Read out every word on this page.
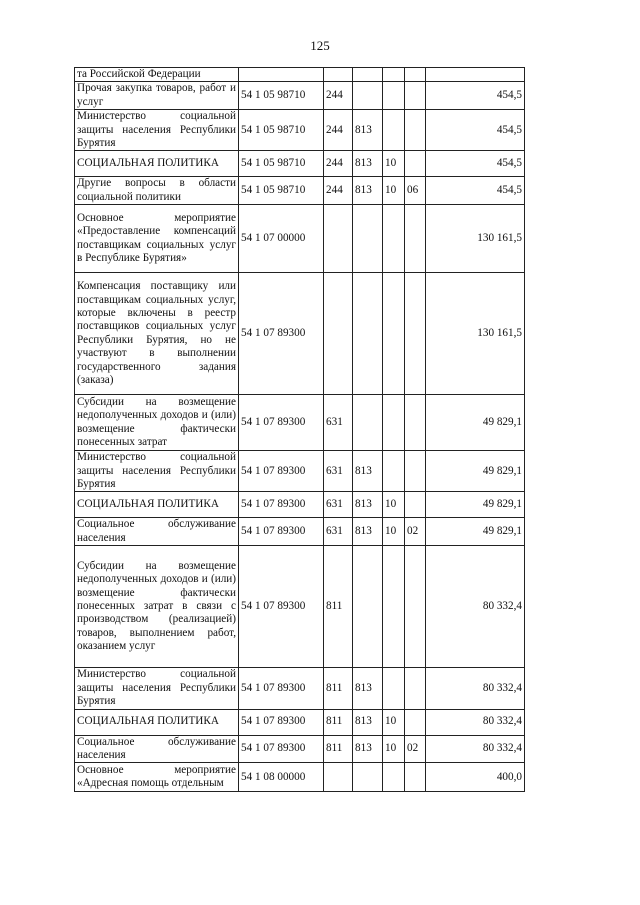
125
та Российской Федерации						
Прочая закупка товаров, работ и услуг	54 1 05 98710	244				454,5
Министерство социальной защиты населения Республики Бурятия	54 1 05 98710	244	813			454,5
СОЦИАЛЬНАЯ ПОЛИТИКА	54 1 05 98710	244	813	10		454,5
Другие вопросы в области социальной политики	54 1 05 98710	244	813	10	06	454,5
Основное мероприятие «Предоставление компенсаций поставщикам социальных услуг в Республике Бурятия»	54 1 07 00000					130 161,5
Компенсация поставщику или поставщикам социальных услуг, которые включены в реестр поставщиков социальных услуг Республики Бурятия, но не участвуют в выполнении государственного задания (заказа)	54 1 07 89300					130 161,5
Субсидии на возмещение недополученных доходов и (или) возмещение фактически понесенных затрат	54 1 07 89300	631				49 829,1
Министерство социальной защиты населения Республики Бурятия	54 1 07 89300	631	813			49 829,1
СОЦИАЛЬНАЯ ПОЛИТИКА	54 1 07 89300	631	813	10		49 829,1
Социальное обслуживание населения	54 1 07 89300	631	813	10	02	49 829,1
Субсидии на возмещение недополученных доходов и (или) возмещение фактически понесенных затрат в связи с производством (реализацией) товаров, выполнением работ, оказанием услуг	54 1 07 89300	811				80 332,4
Министерство социальной защиты населения Республики Бурятия	54 1 07 89300	811	813			80 332,4
СОЦИАЛЬНАЯ ПОЛИТИКА	54 1 07 89300	811	813	10		80 332,4
Социальное обслуживание населения	54 1 07 89300	811	813	10	02	80 332,4
Основное мероприятие «Адресная помощь отдельным	54 1 08 00000					400,0
